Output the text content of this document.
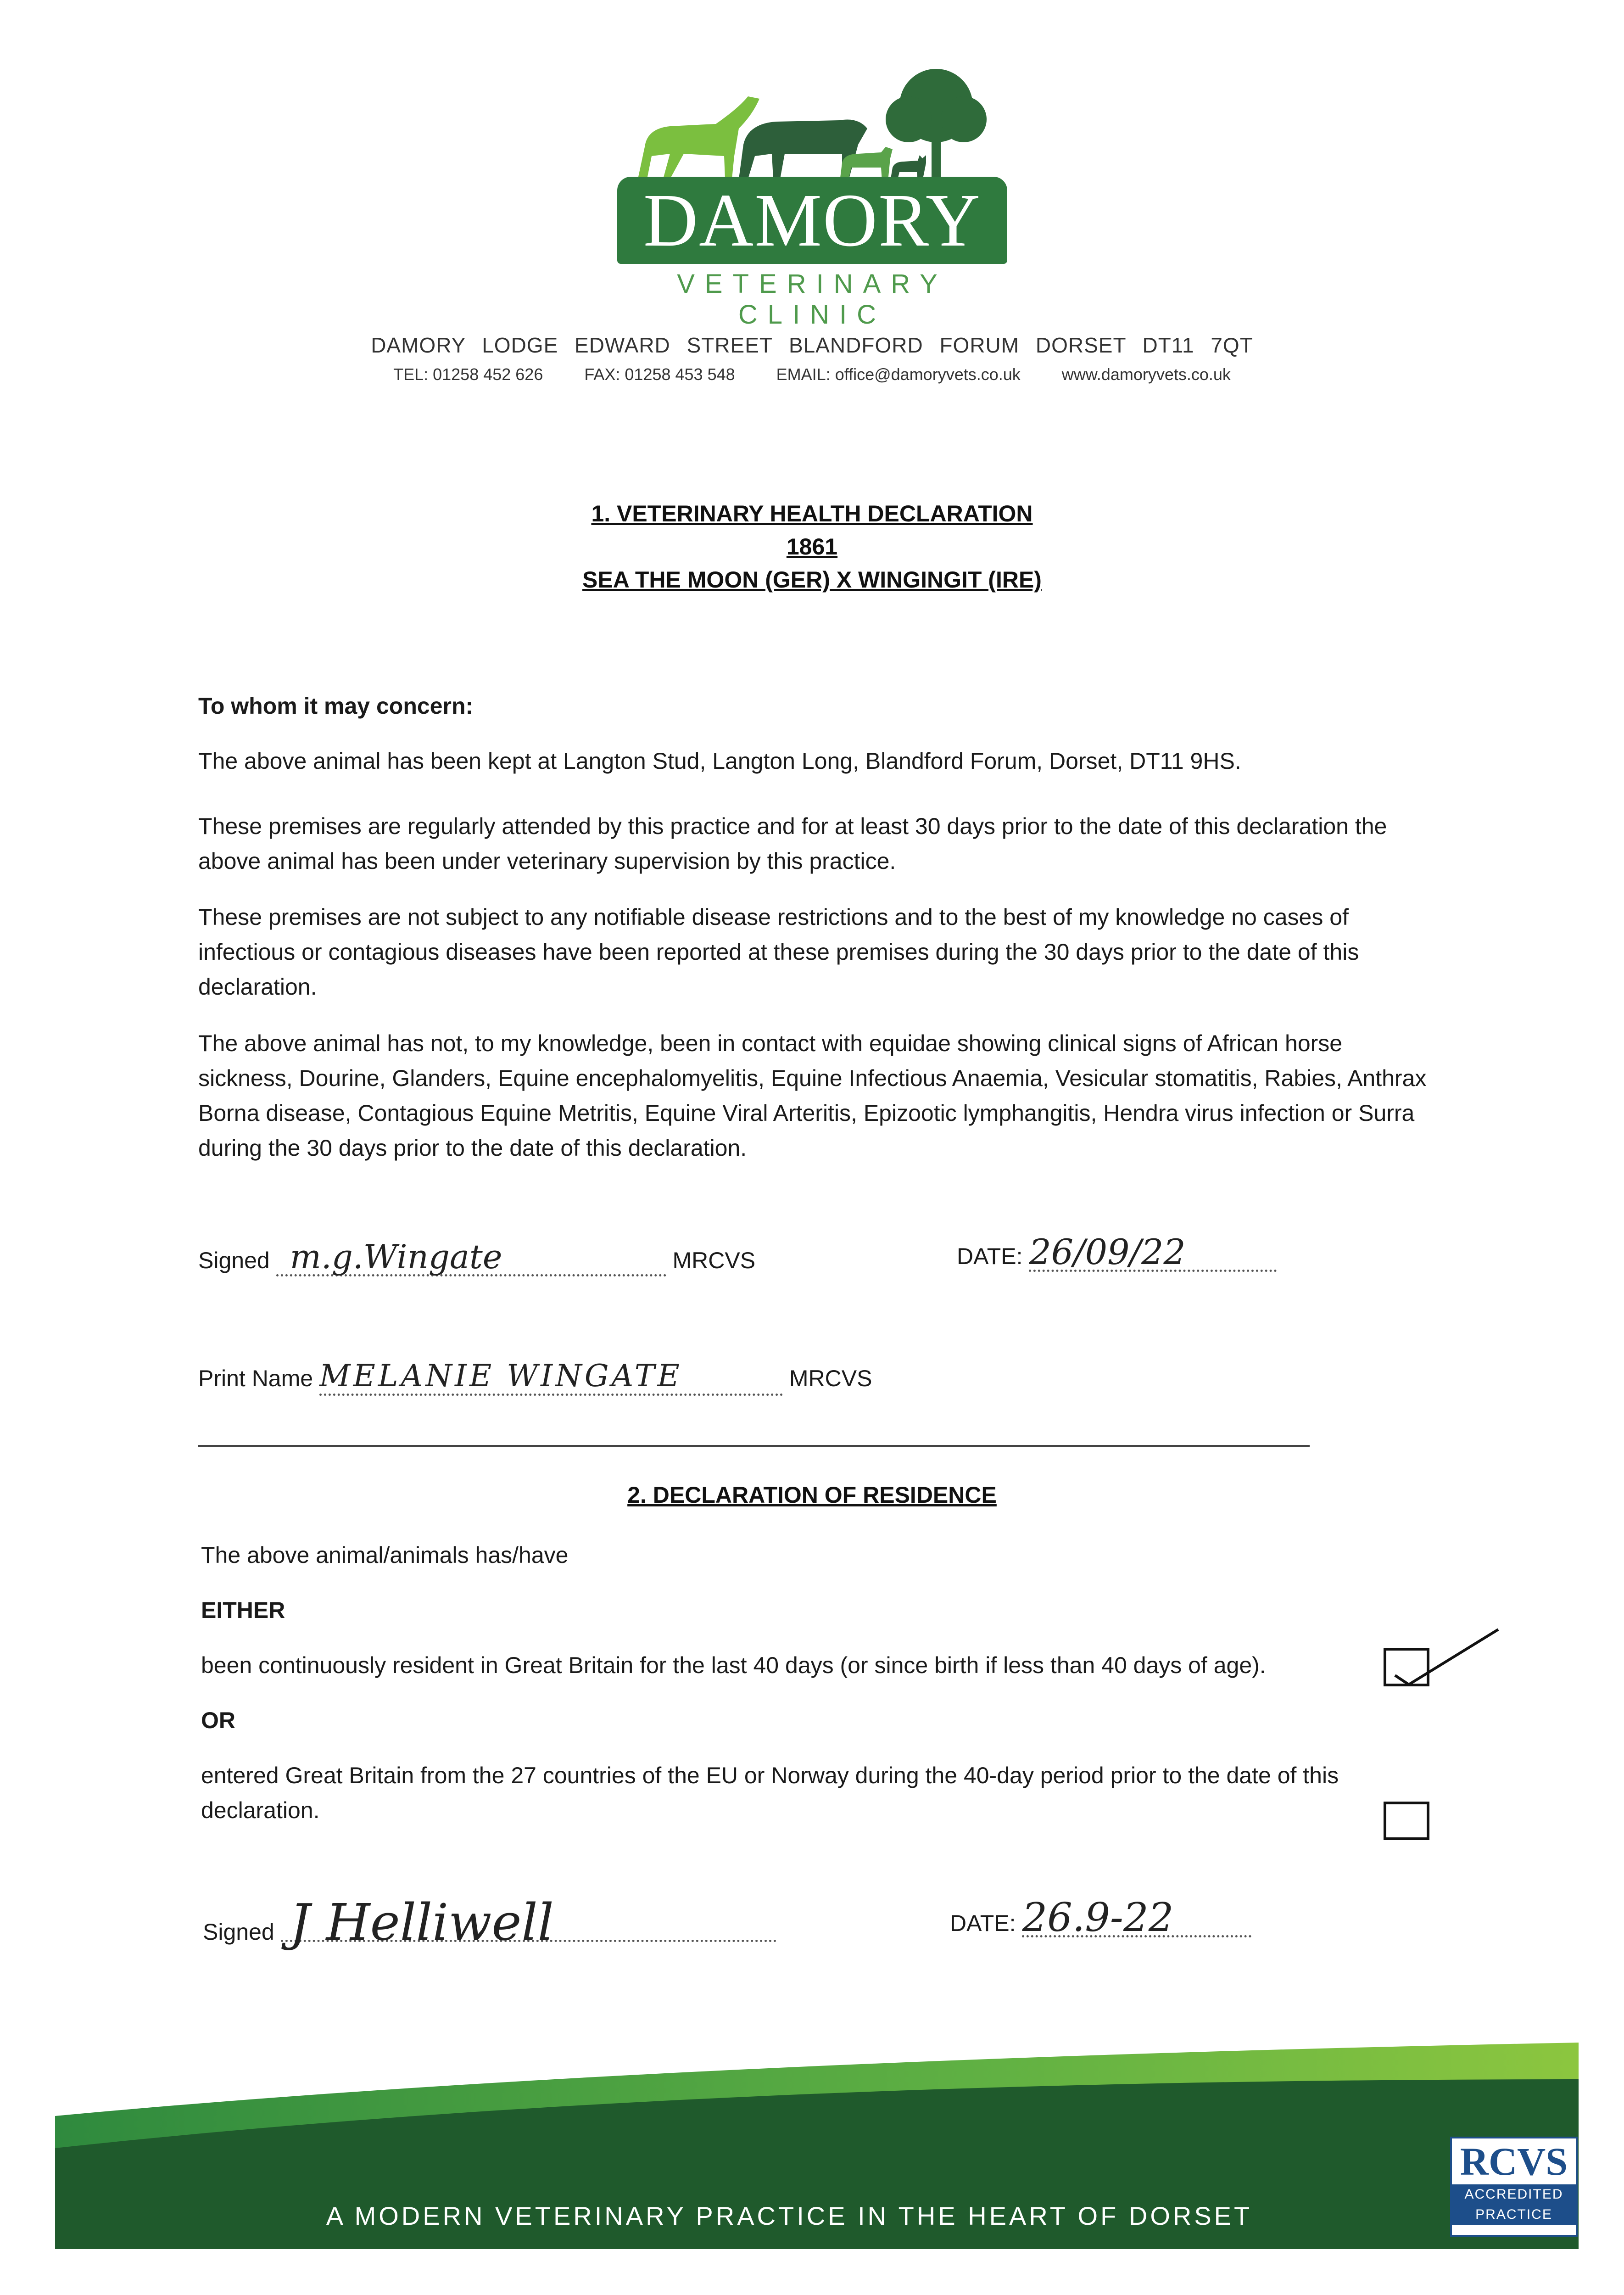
DAMORY
VETERINARY CLINIC
DAMORY LODGE EDWARD STREET BLANDFORD FORUM DORSET DT11 7QT
TEL: 01258 452 626	FAX: 01258 453 548	EMAIL: office@damoryvets.co.uk	www.damoryvets.co.uk
1. VETERINARY HEALTH DECLARATION
1861
SEA THE MOON (GER) X WINGINGIT (IRE)
To whom it may concern:
The above animal has been kept at Langton Stud, Langton Long, Blandford Forum, Dorset, DT11 9HS.
These premises are regularly attended by this practice and for at least 30 days prior to the date of this declaration the above animal has been under veterinary supervision by this practice.
These premises are not subject to any notifiable disease restrictions and to the best of my knowledge no cases of infectious or contagious diseases have been reported at these premises during the 30 days prior to the date of this declaration.
The above animal has not, to my knowledge, been in contact with equidae showing clinical signs of African horse sickness, Dourine, Glanders, Equine encephalomyelitis, Equine Infectious Anaemia, Vesicular stomatitis, Rabies, Anthrax Borna disease, Contagious Equine Metritis, Equine Viral Arteritis, Epizootic lymphangitis, Hendra virus infection or Surra during the 30 days prior to the date of this declaration.
Signed m.g.Wingate	MRCVS	DATE: 26/09/22
Print Name MELANIE WINGATE	MRCVS
2. DECLARATION OF RESIDENCE
The above animal/animals has/have
EITHER
been continuously resident in Great Britain for the last 40 days (or since birth if less than 40 days of age).
OR
entered Great Britain from the 27 countries of the EU or Norway during the 40-day period prior to the date of this declaration.
Signed J Helliwell	DATE: 26.9-22
A MODERN VETERINARY PRACTICE IN THE HEART OF DORSET
RCVS
ACCREDITED
PRACTICE
